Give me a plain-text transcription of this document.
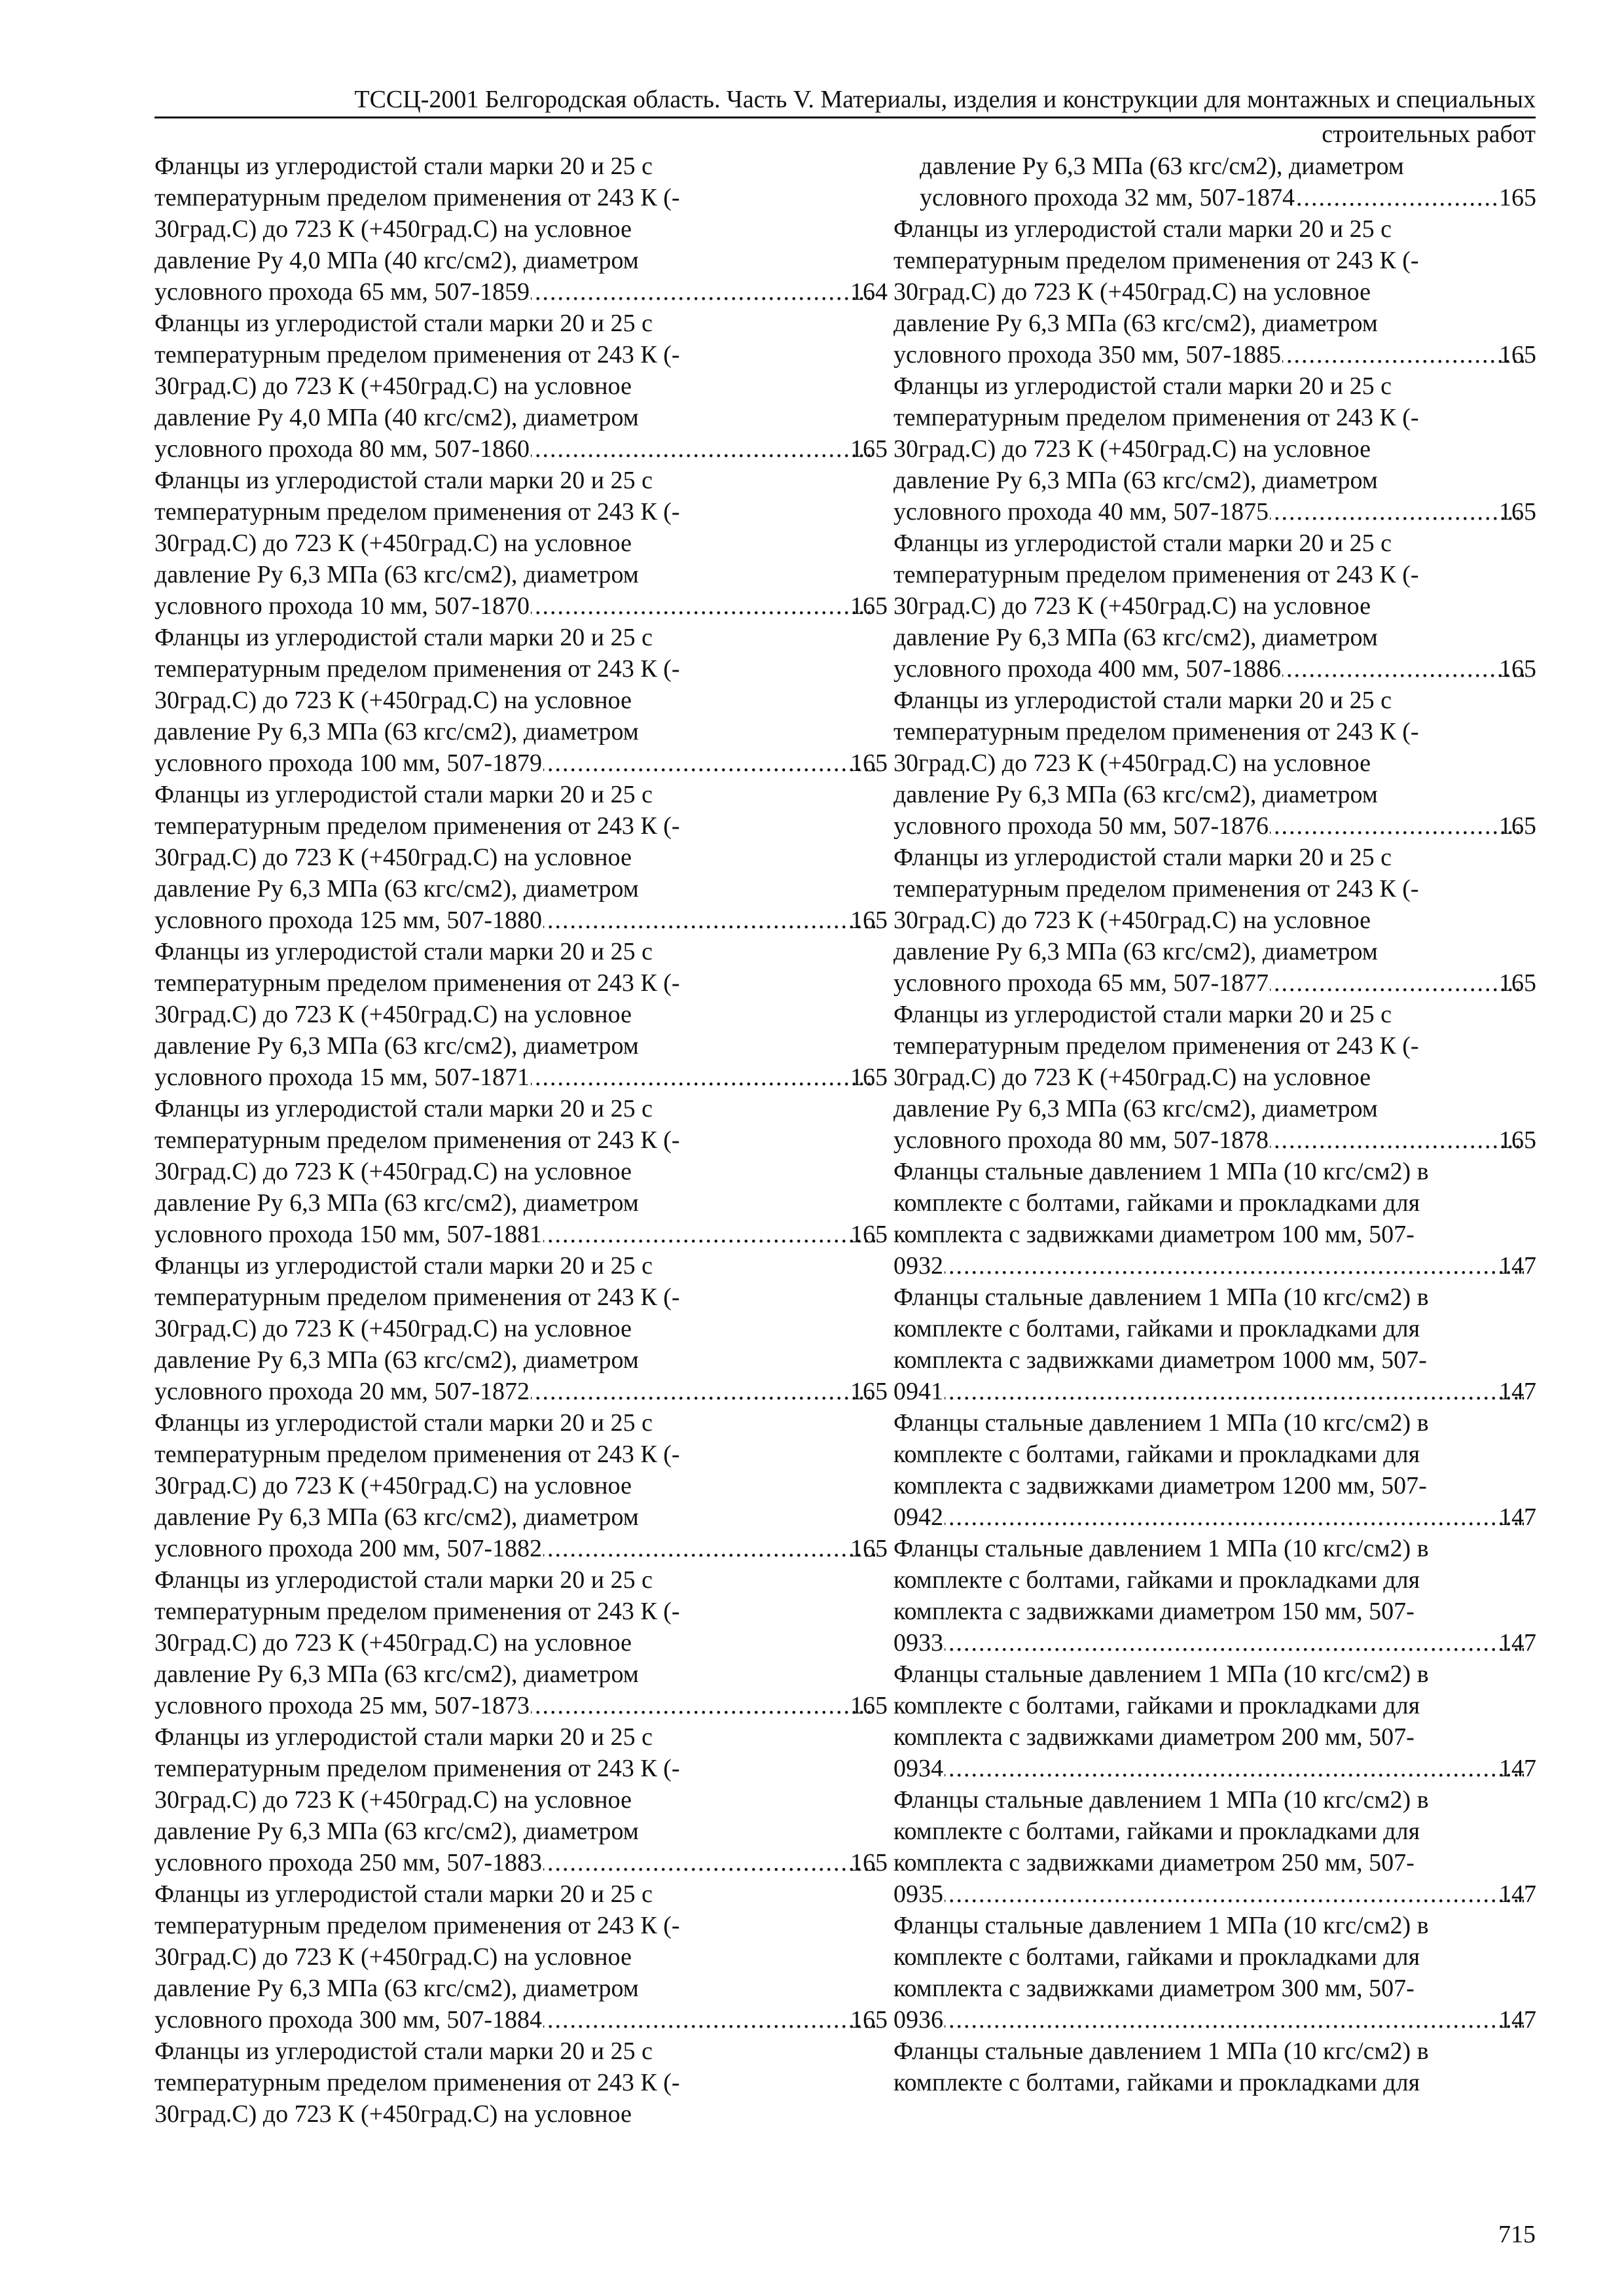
ТССЦ-2001 Белгородская область. Часть V. Материалы, изделия и конструкции для монтажных и специальных
строительных работ
Фланцы из углеродистой стали марки 20 и 25 с
температурным пределом применения от 243 К (-
30град.С) до 723 К (+450град.С) на условное
давление Ру 4,0 МПа (40 кгс/см2), диаметром
условного прохода 65 мм, 507-1859 .....	164
Фланцы из углеродистой стали марки 20 и 25 с
температурным пределом применения от 243 К (-
30град.С) до 723 К (+450град.С) на условное
давление Ру 4,0 МПа (40 кгс/см2), диаметром
условного прохода 80 мм, 507-1860 .....	165
Фланцы из углеродистой стали марки 20 и 25 с
температурным пределом применения от 243 К (-
30град.С) до 723 К (+450град.С) на условное
давление Ру 6,3 МПа (63 кгс/см2), диаметром
условного прохода 10 мм, 507-1870 .....	165
Фланцы из углеродистой стали марки 20 и 25 с
температурным пределом применения от 243 К (-
30град.С) до 723 К (+450град.С) на условное
давление Ру 6,3 МПа (63 кгс/см2), диаметром
условного прохода 100 мм, 507-1879 .....	165
Фланцы из углеродистой стали марки 20 и 25 с
температурным пределом применения от 243 К (-
30град.С) до 723 К (+450град.С) на условное
давление Ру 6,3 МПа (63 кгс/см2), диаметром
условного прохода 125 мм, 507-1880 .....	165
Фланцы из углеродистой стали марки 20 и 25 с
температурным пределом применения от 243 К (-
30град.С) до 723 К (+450град.С) на условное
давление Ру 6,3 МПа (63 кгс/см2), диаметром
условного прохода 15 мм, 507-1871 .....	165
Фланцы из углеродистой стали марки 20 и 25 с
температурным пределом применения от 243 К (-
30град.С) до 723 К (+450град.С) на условное
давление Ру 6,3 МПа (63 кгс/см2), диаметром
условного прохода 150 мм, 507-1881 .....	165
Фланцы из углеродистой стали марки 20 и 25 с
температурным пределом применения от 243 К (-
30град.С) до 723 К (+450град.С) на условное
давление Ру 6,3 МПа (63 кгс/см2), диаметром
условного прохода 20 мм, 507-1872 .....	165
Фланцы из углеродистой стали марки 20 и 25 с
температурным пределом применения от 243 К (-
30град.С) до 723 К (+450град.С) на условное
давление Ру 6,3 МПа (63 кгс/см2), диаметром
условного прохода 200 мм, 507-1882 .....	165
Фланцы из углеродистой стали марки 20 и 25 с
температурным пределом применения от 243 К (-
30град.С) до 723 К (+450град.С) на условное
давление Ру 6,3 МПа (63 кгс/см2), диаметром
условного прохода 25 мм, 507-1873 .....	165
Фланцы из углеродистой стали марки 20 и 25 с
температурным пределом применения от 243 К (-
30град.С) до 723 К (+450град.С) на условное
давление Ру 6,3 МПа (63 кгс/см2), диаметром
условного прохода 250 мм, 507-1883 .....	165
Фланцы из углеродистой стали марки 20 и 25 с
температурным пределом применения от 243 К (-
30град.С) до 723 К (+450град.С) на условное
давление Ру 6,3 МПа (63 кгс/см2), диаметром
условного прохода 300 мм, 507-1884 .....	165
Фланцы из углеродистой стали марки 20 и 25 с
температурным пределом применения от 243 К (-
30град.С) до 723 К (+450град.С) на условное
давление Ру 6,3 МПа (63 кгс/см2), диаметром
условного прохода 32 мм, 507-1874 .....	165
Фланцы из углеродистой стали марки 20 и 25 с
температурным пределом применения от 243 К (-
30град.С) до 723 К (+450град.С) на условное
давление Ру 6,3 МПа (63 кгс/см2), диаметром
условного прохода 350 мм, 507-1885 .....	165
Фланцы из углеродистой стали марки 20 и 25 с
температурным пределом применения от 243 К (-
30град.С) до 723 К (+450град.С) на условное
давление Ру 6,3 МПа (63 кгс/см2), диаметром
условного прохода 40 мм, 507-1875 .....	165
Фланцы из углеродистой стали марки 20 и 25 с
температурным пределом применения от 243 К (-
30град.С) до 723 К (+450град.С) на условное
давление Ру 6,3 МПа (63 кгс/см2), диаметром
условного прохода 400 мм, 507-1886 .....	165
Фланцы из углеродистой стали марки 20 и 25 с
температурным пределом применения от 243 К (-
30град.С) до 723 К (+450град.С) на условное
давление Ру 6,3 МПа (63 кгс/см2), диаметром
условного прохода 50 мм, 507-1876 .....	165
Фланцы из углеродистой стали марки 20 и 25 с
температурным пределом применения от 243 К (-
30град.С) до 723 К (+450град.С) на условное
давление Ру 6,3 МПа (63 кгс/см2), диаметром
условного прохода 65 мм, 507-1877 .....	165
Фланцы из углеродистой стали марки 20 и 25 с
температурным пределом применения от 243 К (-
30град.С) до 723 К (+450град.С) на условное
давление Ру 6,3 МПа (63 кгс/см2), диаметром
условного прохода 80 мм, 507-1878 .....	165
Фланцы стальные давлением 1 МПа (10 кгс/см2) в
комплекте с болтами, гайками и прокладками для
комплекта с задвижками диаметром 100 мм, 507-
0932 .....	147
Фланцы стальные давлением 1 МПа (10 кгс/см2) в
комплекте с болтами, гайками и прокладками для
комплекта с задвижками диаметром 1000 мм, 507-
0941 .....	147
Фланцы стальные давлением 1 МПа (10 кгс/см2) в
комплекте с болтами, гайками и прокладками для
комплекта с задвижками диаметром 1200 мм, 507-
0942 .....	147
Фланцы стальные давлением 1 МПа (10 кгс/см2) в
комплекте с болтами, гайками и прокладками для
комплекта с задвижками диаметром 150 мм, 507-
0933 .....	147
Фланцы стальные давлением 1 МПа (10 кгс/см2) в
комплекте с болтами, гайками и прокладками для
комплекта с задвижками диаметром 200 мм, 507-
0934 .....	147
Фланцы стальные давлением 1 МПа (10 кгс/см2) в
комплекте с болтами, гайками и прокладками для
комплекта с задвижками диаметром 250 мм, 507-
0935 .....	147
Фланцы стальные давлением 1 МПа (10 кгс/см2) в
комплекте с болтами, гайками и прокладками для
комплекта с задвижками диаметром 300 мм, 507-
0936 .....	147
Фланцы стальные давлением 1 МПа (10 кгс/см2) в
комплекте с болтами, гайками и прокладками для
715
